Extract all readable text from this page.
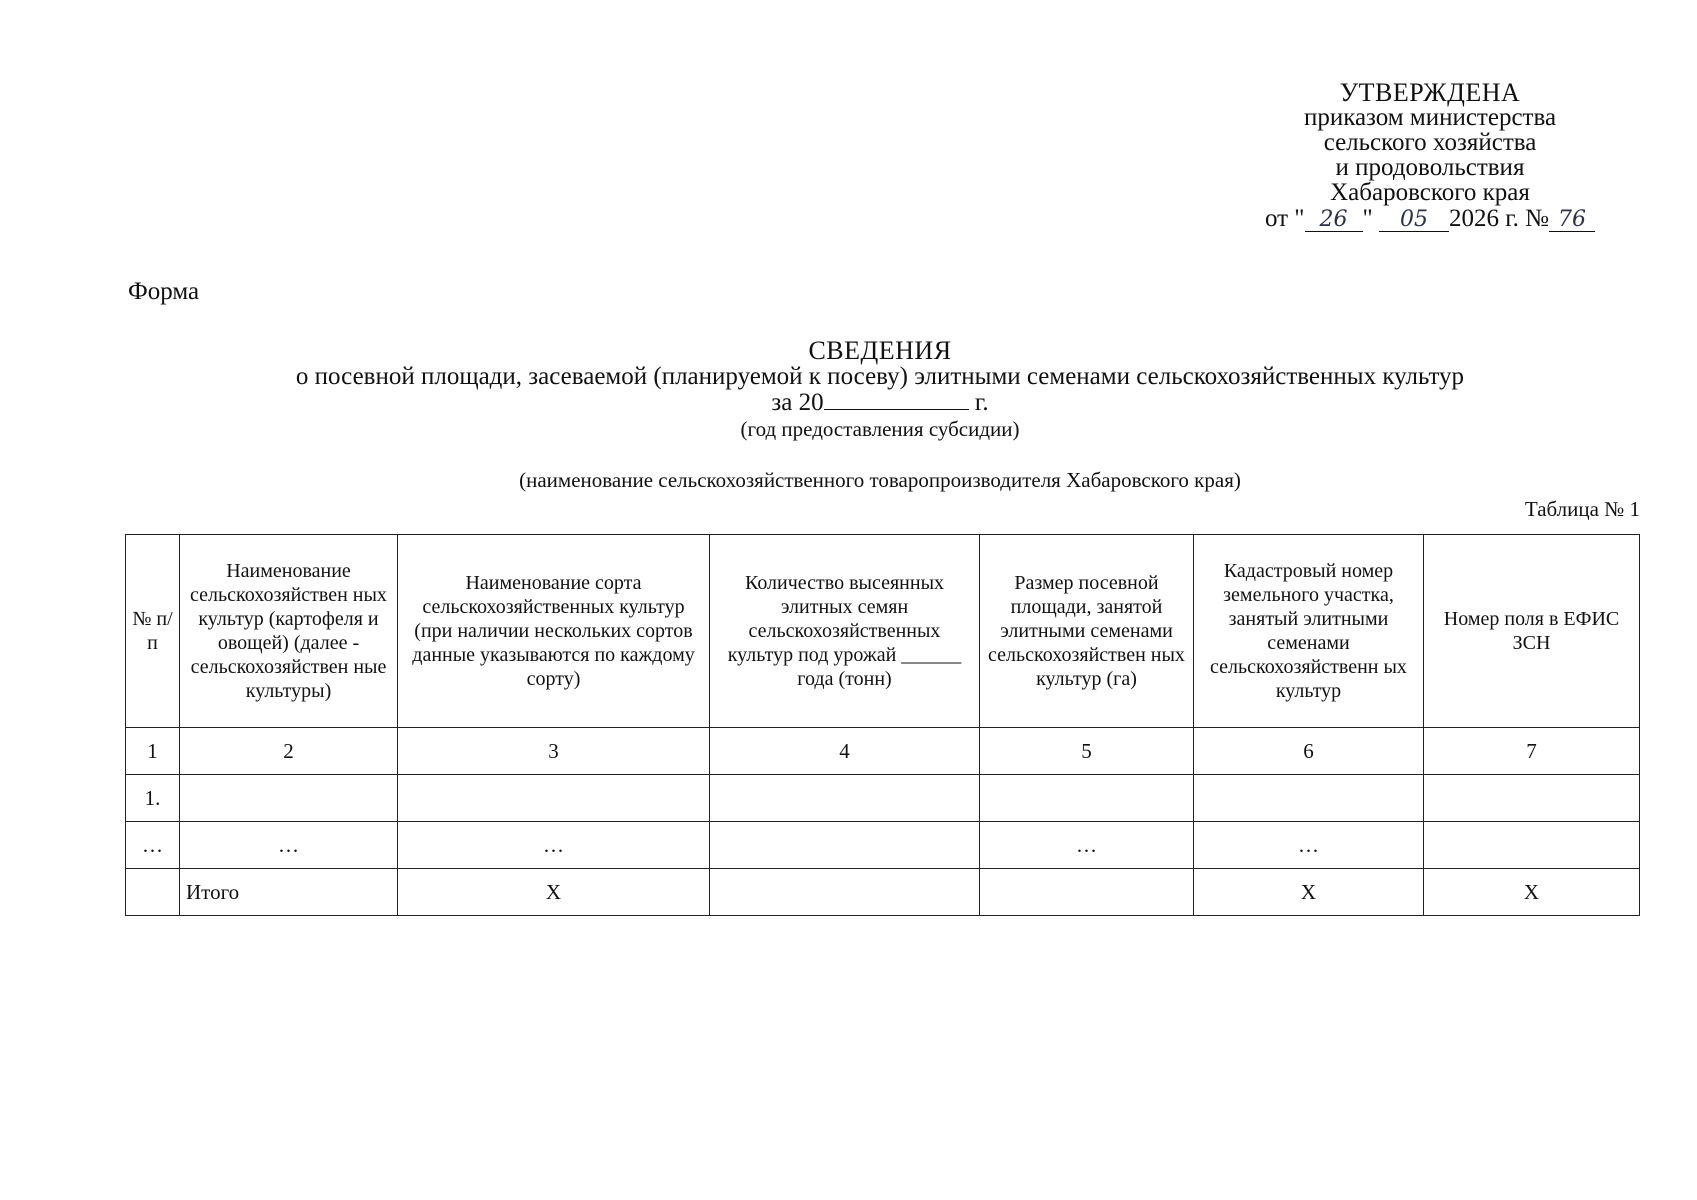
УТВЕРЖДЕНА
приказом министерства
сельского хозяйства
и продовольствия
Хабаровского края
от " 26 " 05 2026 г. № 76
Форма
СВЕДЕНИЯ
о посевной площади, засеваемой (планируемой к посеву) элитными семенами сельскохозяйственных культур
за 20	г.
(год предоставления субсидии)
(наименование сельскохозяйственного товаропроизводителя Хабаровского края)
Таблица № 1
№ п/п	Наименование сельскохозяйствен ных культур (картофеля и овощей) (далее - сельскохозяйствен ные культуры)	Наименование сорта сельскохозяйственных культур (при наличии нескольких сортов данные указываются по каждому сорту)	Количество высеянных элитных семян сельскохозяйственных культур под урожай ______ года (тонн)	Размер посевной площади, занятой элитными семенами сельскохозяйствен ных культур (га)	Кадастровый номер земельного участка, занятый элитными семенами сельскохозяйственн ых культур	Номер поля в ЕФИС ЗСН
1	2	3	4	5	6	7
1.						
…	…	…		…	…	
	Итого	Х			Х	Х
